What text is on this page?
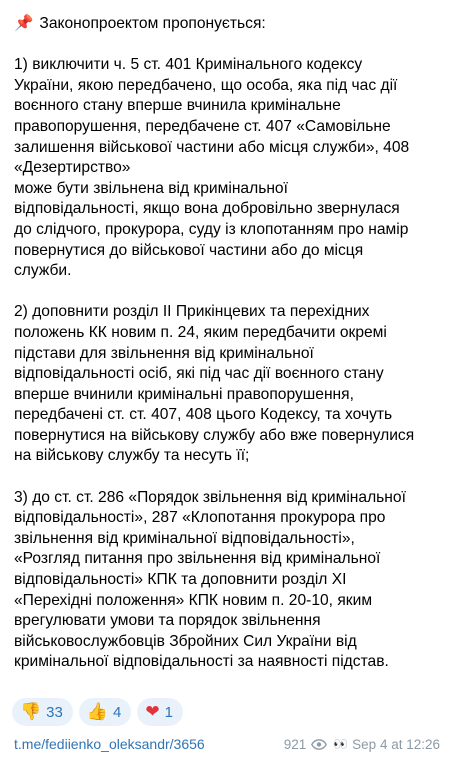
📌 Законопроектом пропонується:

1) виключити ч. 5 ст. 401 Кримінального кодексу
України, якою передбачено, що особа, яка під час дії
воєнного стану вперше вчинила кримінальне
правопорушення, передбачене ст. 407 «Самовільне
залишення військової частини або місця служби», 408
«Дезертирство»
може бути звільнена від кримінальної
відповідальності, якщо вона добровільно звернулася
до слідчого, прокурора, суду із клопотанням про намір
повернутися до військової частини або до місця
служби.

2) доповнити розділ II Прикінцевих та перехідних
положень КК новим п. 24, яким передбачити окремі
підстави для звільнення від кримінальної
відповідальності осіб, які під час дії воєнного стану
вперше вчинили кримінальні правопорушення,
передбачені ст. ст. 407, 408 цього Кодексу, та хочуть
повернутися на військову службу або вже повернулися
на військову службу та несуть її;

3) до ст. ст. 286 «Порядок звільнення від кримінальної
відповідальності», 287 «Клопотання прокурора про
звільнення від кримінальної відповідальності»,
«Розгляд питання про звільнення від кримінальної
відповідальності» КПК та доповнити розділ XI
«Перехідні положення» КПК новим п. 20-10, яким
врегулювати умови та порядок звільнення
військовослужбовців Збройних Сил України від
кримінальної відповідальності за наявності підстав.
👎 33 👍 4 ❤ 1
t.me/fediienko_oleksandr/3656	921 👀 Sep 4 at 12:26
